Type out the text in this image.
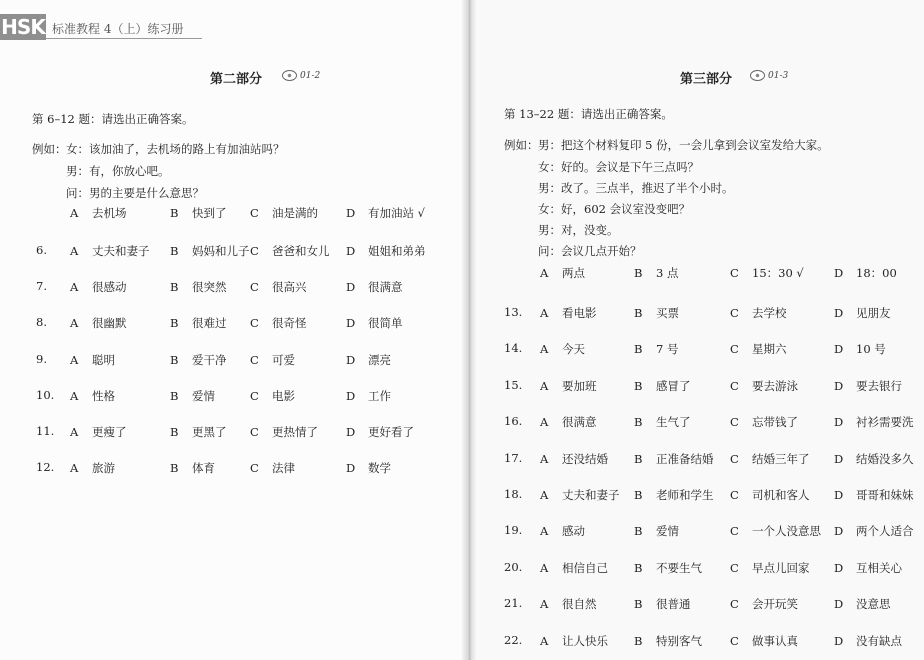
HSK 标准教程 4（上）练习册
第二部分	01-2
第 6–12 题：请选出正确答案。
例如： 女：该加油了，去机场的路上有加油站吗？
男：有，你放心吧。
问：男的主要是什么意思？
A 去机场	B 快到了 C 油是满的 D 有加油站 √
6. A 丈夫和妻子 B 妈妈和儿子 C 爸爸和女儿 D 姐姐和弟弟
7. A 很感动	B 很突然 C 很高兴	D 很满意
8. A 很幽默	B 很难过 C 很奇怪	D 很简单
9. A 聪明	B 爱干净 C 可爱	D 漂亮
10. A 性格	B 爱情	C 电影	D 工作
11. A 更瘦了	B 更黑了 C 更热情了 D 更好看了
12. A 旅游	B 体育	C 法律	D 数学
第三部分	01-3
第 13–22 题：请选出正确答案。
例如： 男：把这个材料复印 5 份，一会儿拿到会议室发给大家。
女：好的。会议是下午三点吗？
男：改了。三点半，推迟了半个小时。
女：好，602 会议室没变吧？
男：对，没变。
问：会议几点开始？
A 两点	B 3 点	C 15：30 √	D 18：00
13. A 看电影	B 买票	C 去学校	D 见朋友
14. A 今天	B 7 号	C 星期六	D 10 号
15. A 要加班	B 感冒了	C 要去游泳	D 要去银行
16. A 很满意	B 生气了	C 忘带钱了	D 衬衫需要洗
17. A 还没结婚 B 正准备结婚 C 结婚三年了 D 结婚没多久
18. A 丈夫和妻子 B 老师和学生 C 司机和客人 D 哥哥和妹妹
19. A 感动	B 爱情	C 一个人没意思 D 两个人适合
20. A 相信自己 B 不要生气 C 早点儿回家 D 互相关心
21. A 很自然	B 很普通	C 会开玩笑	D 没意思
22. A 让人快乐 B 特别客气 C 做事认真	D 没有缺点
